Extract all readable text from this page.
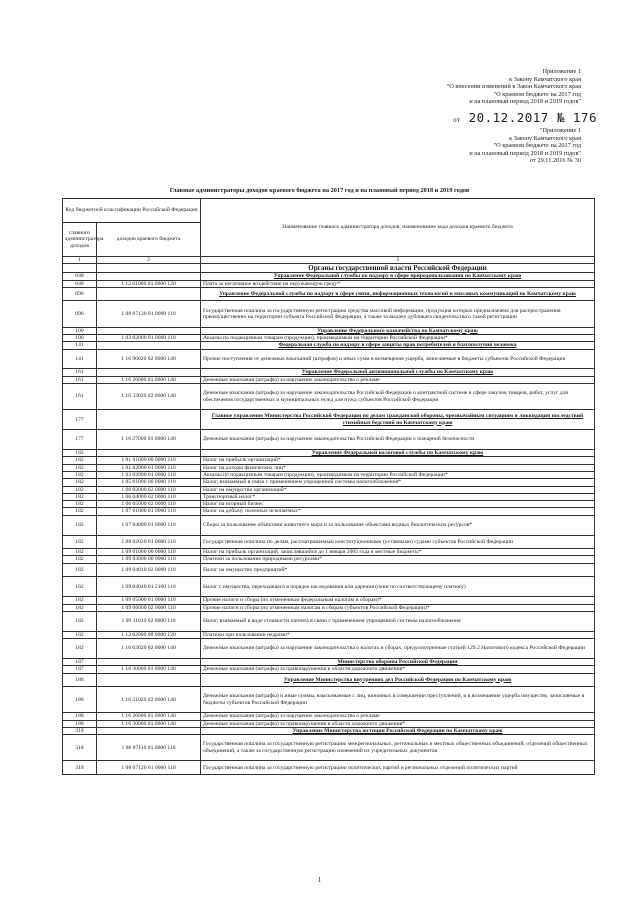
Приложение 1
к Закону Камчатского края
"О внесении изменений в Закон Камчатского края
"О краевом бюджете на 2017 год
и на плановый период 2018 и 2019 годов"
от 20.12.2017 № 176
"Приложение 1
к Закону Камчатского края
"О краевом бюджете на 2017 год
и на плановый период 2018 и 2019 годов"
от 29.11.2016 № 30
Главные администраторы доходов краевого бюджета на 2017 год и на плановый период 2018 и 2019 годов
Код бюджетной классификации Российской Федерации		Наименование главного администратора доходов, наименование кода доходов краевого бюджета
главного администратора доходов	доходов краевого бюджета	
1	2	3
		Органы государственной власти Российской Федерации
048		Управление Федеральной службы по надзору в сфере природопользования по Камчатскому краю
048	1 12 01000 01 0000 120	Плата за негативное воздействие на окружающую среду*
096		Управление Федеральной службы по надзору в сфере связи, информационных технологий и массовых коммуникаций по Камчатскому краю
096	1 08 07130 01 0000 110	Государственная пошлина за государственную регистрацию средства массовой информации, продукция которых предназначена для распространения преимущественно на территории субъекта Российской Федерации, а также за выдачу дубликата свидетельства о такой регистрации
100		Управление Федерального казначейства по Камчатскому краю
100	1 03 02000 01 0000 110	Акцизы по подакцизным товарам (продукции), производимым на территории Российской Федерации*
141		Федеральная служба по надзору в сфере защиты прав потребителей и благополучия человека
141	1 16 90020 02 0000 140	Прочие поступления от денежных взысканий (штрафов) и иных сумм в возмещение ущерба, зачисляемые в бюджеты субъектов Российской Федерации
161		Управление Федеральной антимонопольной службы по Камчатскому краю
161	1 16 26000 01 0000 140	Денежные взыскания (штрафы) за нарушение законодательства о рекламе
161	1 16 33020 02 0000 140	Денежные взыскания (штрафы) за нарушение законодательства Российской Федерации о контрактной системе в сфере закупок товаров, работ, услуг для обеспечения государственных и муниципальных нужд для нужд субъектов Российской Федерации
177		Главное управление Министерства Российской Федерации по делам гражданской обороны, чрезвычайным ситуациям и ликвидации последствий стихийных бедствий по Камчатскому краю
177	1 16 27000 01 0000 140	Денежные взыскания (штрафы) за нарушение законодательства Российской Федерации о пожарной безопасности
182		Управление Федеральной налоговой службы по Камчатскому краю
182	1 01 01000 00 0000 110	Налог на прибыль организаций*
182	1 01 02000 01 0000 110	Налог на доходы физических лиц*
182	1 03 02000 01 0000 110	Акцизы по подакцизным товарам (продукции), производимым на территории Российской Федерации*
182	1 05 01000 00 0000 110	Налог, взимаемый в связи с применением упрощенной системы налогообложения*
182	1 06 02000 02 0000 110	Налог на имущество организаций*
182	1 06 04000 02 0000 110	Транспортный налог*
182	1 06 05000 02 0000 110	Налог на игорный бизнес
182	1 07 01000 01 0000 110	Налог на добычу полезных ископаемых*
182	1 07 04000 01 0000 110	Сборы за пользование объектами животного мира и за пользование объектами водных биологических ресурсов*
182	1 08 02020 01 0000 110	Государственная пошлина по делам, рассматриваемым конституционными (уставными) судами субъектов Российской Федерации
182	1 09 01000 00 0000 110	Налог на прибыль организаций, зачислявшийся до 1 января 2005 года в местные бюджеты*
182	1 09 03000 00 0000 110	Платежи за пользование природными ресурсами*
182	1 09 04010 02 0000 110	Налог на имущество предприятий*
182	1 09 04040 01 2100 110	Налог с имущества, переходящего в порядке наследования или дарения (пени по соответствующему платежу)
182	1 09 05000 01 0000 110	Прочие налоги и сборы (по отмененным федеральным налогам и сборам)*
182	1 09 06000 02 0000 110	Прочие налоги и сборы (по отмененным налогам и сборам субъектов Российской Федерации)*
182	1 09 11010 02 0000 110	Налог, взимаемый в виде стоимости патента в связи с применением упрощенной системы налогообложения
182	1 12 02000 00 0000 120	Платежи при пользовании недрами*
182	1 16 03020 02 0000 140	Денежные взыскания (штрафы) за нарушение законодательства о налогах и сборах, предусмотренные статьей 129.2 Налогового кодекса Российской Федерации
187		Министерство обороны Российской Федерации
187	1 16 30000 01 0000 140	Денежные взыскания (штрафы) за правонарушения в области дорожного движения*
188		Управление Министерства внутренних дел Российской Федерации по Камчатскому краю
188	1 16 21020 02 0000 140	Денежные взыскания (штрафы) и иные суммы, взыскиваемые с лиц, виновных в совершении преступлений, и в возмещение ущерба имуществу, зачисляемые в бюджеты субъектов Российской Федерации
188	1 16 26000 01 0000 140	Денежные взыскания (штрафы) за нарушение законодательства о рекламе
188	1 16 30000 01 0000 140	Денежные взыскания (штрафы) за правонарушения в области дорожного движения*
318		Управление Министерства юстиции Российской Федерации по Камчатскому краю
318	1 08 07110 01 0000 110	Государственная пошлина за государственную регистрацию межрегиональных, региональных и местных общественных объединений, отделений общественных объединений, а также за государственную регистрацию изменений их учредительных документов
318	1 08 07120 01 0000 110	Государственная пошлина за государственную регистрацию политических партий и региональных отделений политических партий
1
